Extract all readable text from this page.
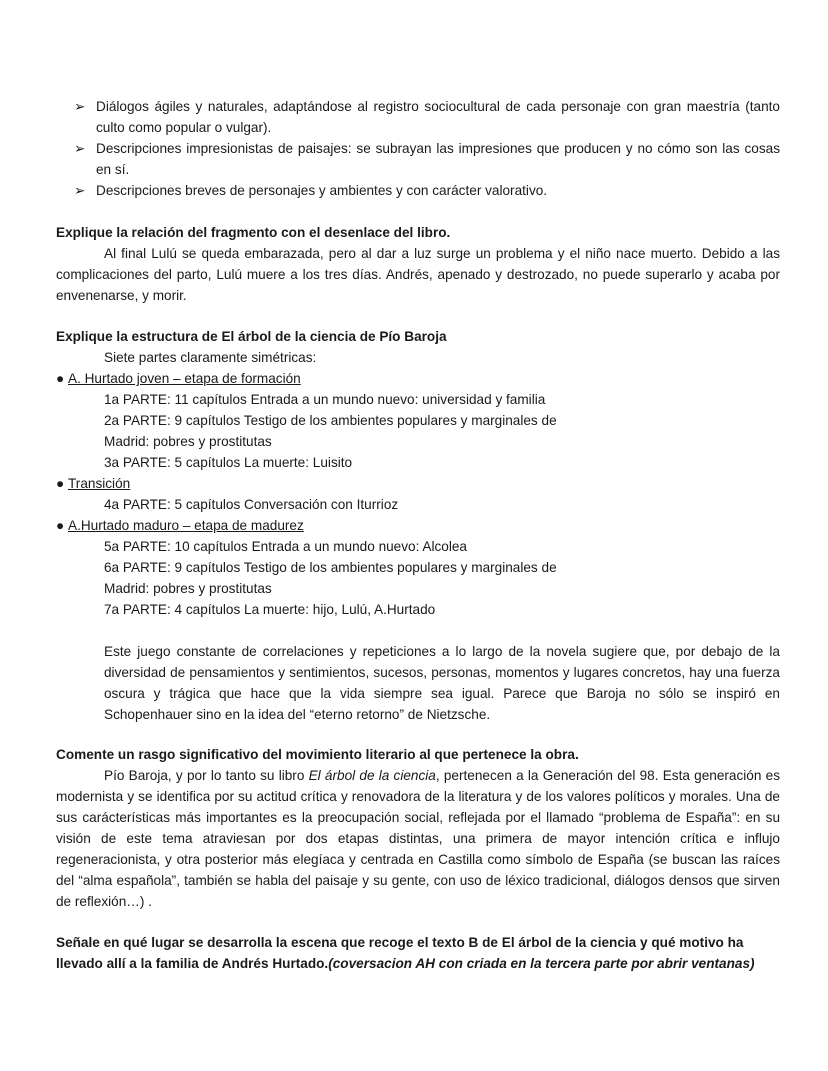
➢ Diálogos ágiles y naturales, adaptándose al registro sociocultural de cada personaje con gran maestría (tanto culto como popular o vulgar).
➢ Descripciones impresionistas de paisajes: se subrayan las impresiones que producen y no cómo son las cosas en sí.
➢ Descripciones breves de personajes y ambientes y con carácter valorativo.

Explique la relación del fragmento con el desenlace del libro.

Al final Lulú se queda embarazada, pero al dar a luz surge un problema y el niño nace muerto. Debido a las complicaciones del parto, Lulú muere a los tres días. Andrés, apenado y destrozado, no puede superarlo y acaba por envenenarse, y morir.

Explique la estructura de El árbol de la ciencia de Pío Baroja

Siete partes claramente simétricas:

● A. Hurtado joven – etapa de formación

1a PARTE: 11 capítulos Entrada a un mundo nuevo: universidad y familia

2a PARTE: 9 capítulos Testigo de los ambientes populares y marginales de

Madrid: pobres y prostitutas

3a PARTE: 5 capítulos La muerte: Luisito

● Transición

4a PARTE: 5 capítulos Conversación con Iturrioz

● A.Hurtado maduro – etapa de madurez

5a PARTE: 10 capítulos Entrada a un mundo nuevo: Alcolea

6a PARTE: 9 capítulos Testigo de los ambientes populares y marginales de

Madrid: pobres y prostitutas

7a PARTE: 4 capítulos La muerte: hijo, Lulú, A.Hurtado

Este juego constante de correlaciones y repeticiones a lo largo de la novela sugiere que, por debajo de la diversidad de pensamientos y sentimientos, sucesos, personas, momentos y lugares concretos, hay una fuerza oscura y trágica que hace que la vida siempre sea igual. Parece que Baroja no sólo se inspiró en Schopenhauer sino en la idea del “eterno retorno” de Nietzsche.

Comente un rasgo significativo del movimiento literario al que pertenece la obra.

Pío Baroja, y por lo tanto su libro El árbol de la ciencia, pertenecen a la Generación del 98. Esta generación es modernista y se identifica por su actitud crítica y renovadora de la literatura y de los valores políticos y morales. Una de sus carácterísticas más importantes es la preocupación social, reflejada por el llamado “problema de España”: en su visión de este tema atraviesan por dos etapas distintas, una primera de mayor intención crítica e influjo regeneracionista, y otra posterior más elegíaca y centrada en Castilla como símbolo de España (se buscan las raíces del “alma española”, también se habla del paisaje y su gente, con uso de léxico tradicional, diálogos densos que sirven de reflexión…) .

Señale en qué lugar se desarrolla la escena que recoge el texto B de El árbol de la ciencia y qué motivo ha llevado allí a la familia de Andrés Hurtado.(coversacion AH con criada en la tercera parte por abrir ventanas)
